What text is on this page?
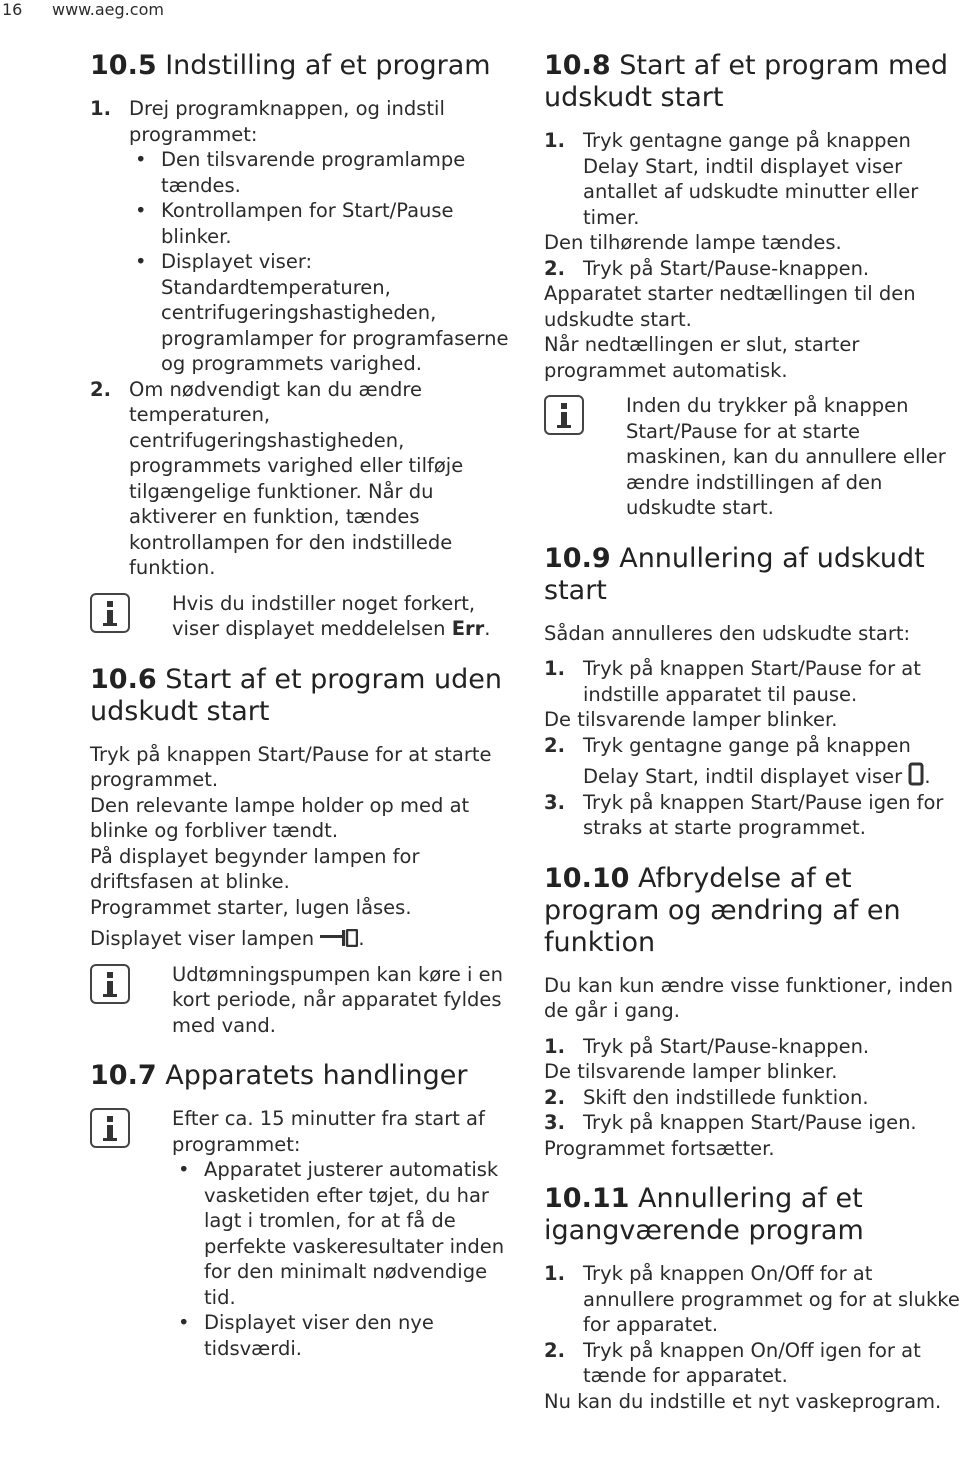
16 www.aeg.com
10.5 Indstilling af et program
1. Drej programknappen, og indstil programmet:
• Den tilsvarende programlampe tændes.
• Kontrollampen for Start/Pause blinker.
• Displayet viser: Standardtemperaturen, centrifugeringshastigheden, programlamper for programfaserne og programmets varighed.
2. Om nødvendigt kan du ændre temperaturen, centrifugeringshastigheden, programmets varighed eller tilføje tilgængelige funktioner. Når du aktiverer en funktion, tændes kontrollampen for den indstillede funktion.
Hvis du indstiller noget forkert, viser displayet meddelelsen Err.
10.6 Start af et program uden udskudt start

Tryk på knappen Start/Pause for at starte programmet.

Den relevante lampe holder op med at blinke og forbliver tændt.

På displayet begynder lampen for driftsfasen at blinke.

Programmet starter, lugen låses.

Displayet viser lampen .

Udtømningspumpen kan køre i en kort periode, når apparatet fyldes med vand.
10.7 Apparatets handlinger
Efter ca. 15 minutter fra start af programmet:
• Apparatet justerer automatisk vasketiden efter tøjet, du har lagt i tromlen, for at få de perfekte vaskeresultater inden for den minimalt nødvendige tid.
• Displayet viser den nye tidsværdi.
10.8 Start af et program med udskudt start
1. Tryk gentagne gange på knappen Delay Start, indtil displayet viser antallet af udskudte minutter eller timer.

Den tilhørende lampe tændes.

2. Tryk på Start/Pause-knappen.

Apparatet starter nedtællingen til den udskudte start.

Når nedtællingen er slut, starter programmet automatisk.

Inden du trykker på knappen Start/Pause for at starte maskinen, kan du annullere eller ændre indstillingen af den udskudte start.
10.9 Annullering af udskudt start

Sådan annulleres den udskudte start:

1. Tryk på knappen Start/Pause for at indstille apparatet til pause.

De tilsvarende lamper blinker.

2. Tryk gentagne gange på knappen
Delay Start, indtil displayet viser .
3. Tryk på knappen Start/Pause igen for straks at starte programmet.
10.10 Afbrydelse af et program og ændring af en funktion

Du kan kun ændre visse funktioner, inden de går i gang.

1. Tryk på Start/Pause-knappen.

De tilsvarende lamper blinker.

2. Skift den indstillede funktion.
3. Tryk på knappen Start/Pause igen.

Programmet fortsætter.

10.11 Annullering af et igangværende program
1. Tryk på knappen On/Off for at annullere programmet og for at slukke for apparatet.
2. Tryk på knappen On/Off igen for at tænde for apparatet.

Nu kan du indstille et nyt vaskeprogram.
